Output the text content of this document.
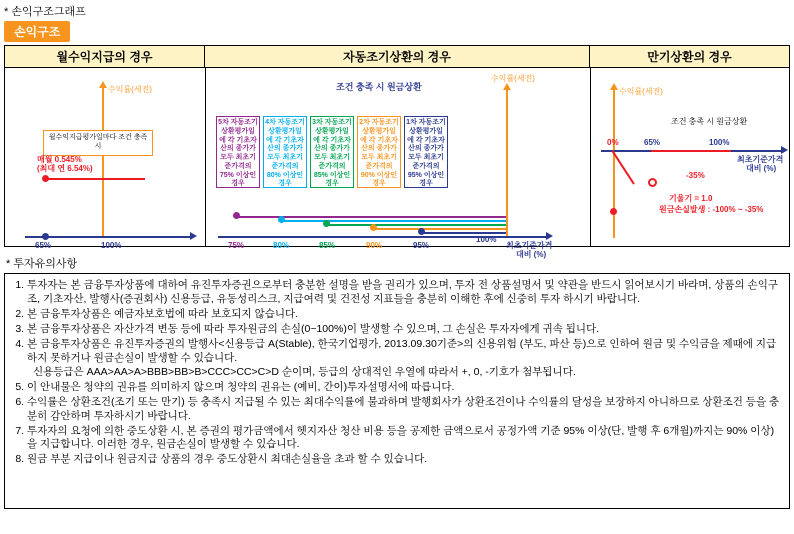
* 손익구조그래프
손익구조
월수익지급의 경우	자동조기상환의 경우	만기상환의 경우
수익률(세전)
65%	100%
월수익지급평가일마다 조건 충족 시
매월 0.545%
(최대 연 6.54%)
조건 충족 시 원금상환
수익률(세전)
최초기준가격
대비 (%)
75%	80%	85%	90%	95%
100%
5차 자동조기상환평가일에 각 기초자산의 종가가 모두 최초기준가격의 75% 이상인 경우
4차 자동조기상환평가일에 각 기초자산의 종가가 모두 최초기준가격의 80% 이상인 경우
3차 자동조기상환평가일에 각 기초자산의 종가가 모두 최초기준가격의 85% 이상인 경우
2차 자동조기상환평가일에 각 기초자산의 종가가 모두 최초기준가격의 90% 이상인 경우
1차 자동조기상환평가일에 각 기초자산의 종가가 모두 최초기준가격의 95% 이상인 경우
수익률(세전)
최초기준가격
대비 (%)
0%	65%	100%
조건 충족 시 원금상환
-35%
기울기 = 1.0
원금손실발생 : -100% ~ -35%
* 투자유의사항
1. 투자자는 본 금융투자상품에 대하여 유진투자증권으로부터 충분한 설명을 받을 권리가 있으며, 투자 전 상품설명서 및 약관을 반드시 읽어보시기 바라며, 상품의 손익구조, 기초자산, 발행사(증권회사) 신용등급, 유동성리스크, 지급여력 및 건전성 지표들을 충분히 이해한 후에 신중히 투자 하시기 바랍니다.
2. 본 금융투자상품은 예금자보호법에 따라 보호되지 않습니다.
3. 본 금융투자상품은 자산가격 변동 등에 따라 투자원금의 손실(0~100%)이 발생할 수 있으며, 그 손실은 투자자에게 귀속 됩니다.
4. 본 금융투자상품은 유진투자증권의 발행사<신용등급 A(Stable), 한국기업평가, 2013.09.30기준>의 신용위험 (부도, 파산 등)으로 인하여 원금 및 수익금을 제때에 지급하지 못하거나 원금손실이 발생할 수 있습니다.
신용등급은 AAA>AA>A>BBB>BB>B>CCC>CC>C>D 순이며, 등급의 상대적인 우열에 따라서 +, 0, -기호가 첨부됩니다.
5. 이 안내물은 청약의 권유를 의미하지 않으며 청약의 권유는 (예비, 간이)투자설명서에 따릅니다.
6. 수익률은 상환조건(조기 또는 만기) 등 충족시 지급될 수 있는 최대수익률에 불과하며 발행회사가 상환조건이나 수익률의 달성을 보장하지 아니하므로 상환조건 등을 충분히 감안하며 투자하시기 바랍니다.
7. 투자자의 요청에 의한 중도상환 시, 본 증권의 평가금액에서 헷지자산 청산 비용 등을 공제한 금액으로서 공정가액 기준 95% 이상(단, 발행 후 6개월)까지는 90% 이상)을 지급합니다. 이러한 경우, 원금손실이 발생할 수 있습니다.
8. 원금 부분 지급이나 원금지급 상품의 경우 중도상환시 최대손실율을 초과 할 수 있습니다.
